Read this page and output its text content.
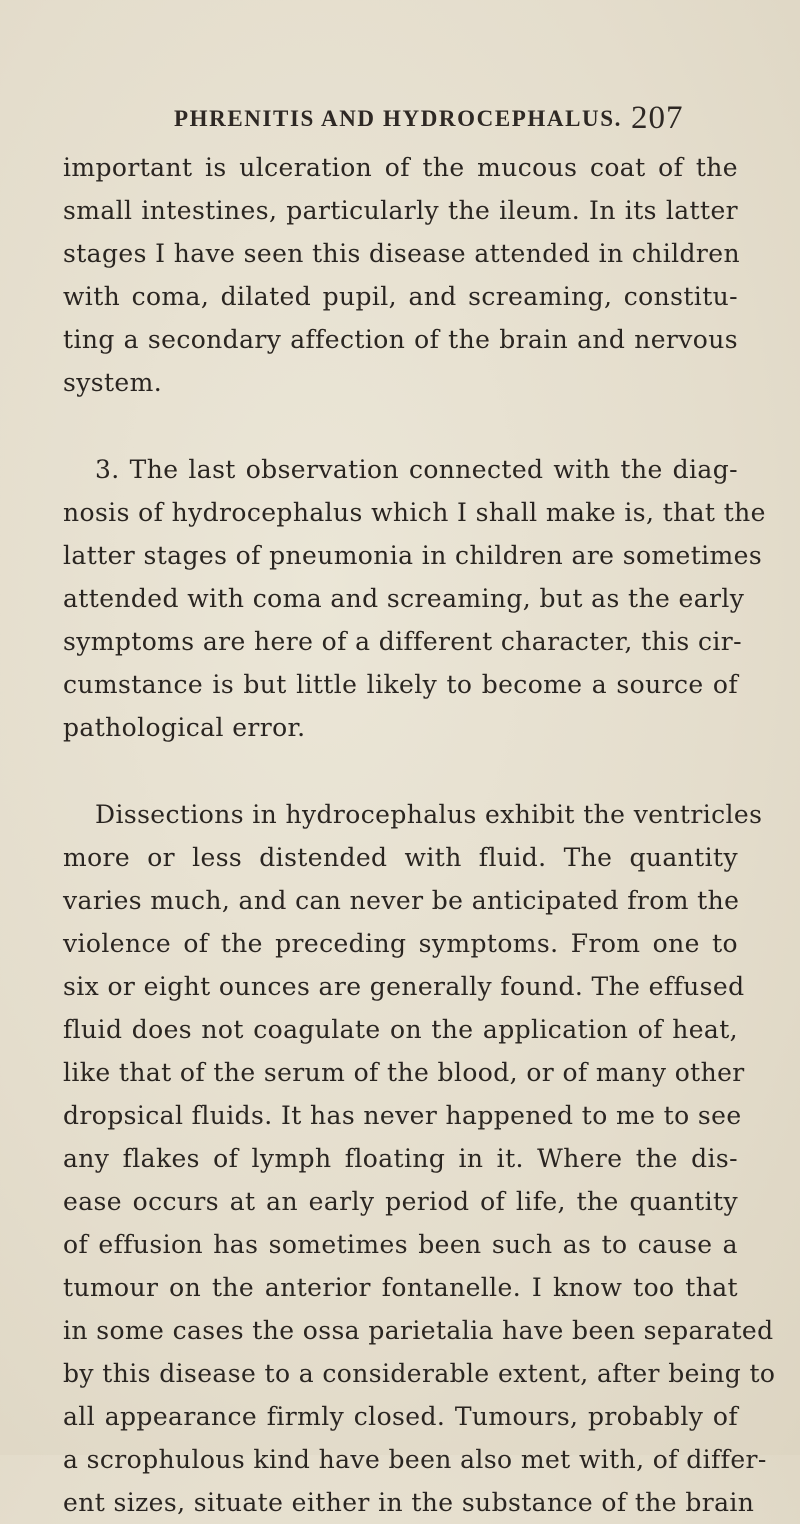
PHRENITIS AND HYDROCEPHALUS. 207
important is ulceration of the mucous coat of the
small intestines, particularly the ileum. In its latter
stages I have seen this disease attended in children
with coma, dilated pupil, and screaming, constitu-
ting a secondary affection of the brain and nervous
system.
3. The last observation connected with the diag-
nosis of hydrocephalus which I shall make is, that the
latter stages of pneumonia in children are sometimes
attended with coma and screaming, but as the early
symptoms are here of a different character, this cir-
cumstance is but little likely to become a source of
pathological error.
Dissections in hydrocephalus exhibit the ventricles
more or less distended with fluid. The quantity
varies much, and can never be anticipated from the
violence of the preceding symptoms. From one to
six or eight ounces are generally found. The effused
fluid does not coagulate on the application of heat,
like that of the serum of the blood, or of many other
dropsical fluids. It has never happened to me to see
any flakes of lymph floating in it. Where the dis-
ease occurs at an early period of life, the quantity
of effusion has sometimes been such as to cause a
tumour on the anterior fontanelle. I know too that
in some cases the ossa parietalia have been separated
by this disease to a considerable extent, after being to
all appearance firmly closed. Tumours, probably of
a scrophulous kind have been also met with, of differ-
ent sizes, situate either in the substance of the brain
